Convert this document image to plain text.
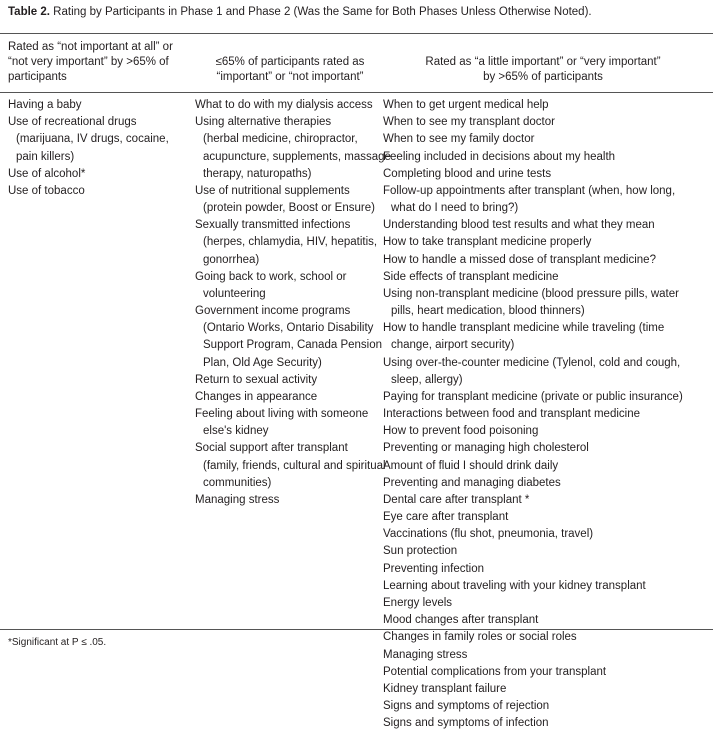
Table 2. Rating by Participants in Phase 1 and Phase 2 (Was the Same for Both Phases Unless Otherwise Noted).
Rated as “not important at all” or
“not very important” by >65% of
participants
≤65% of participants rated as
“important” or “not important”
Rated as “a little important” or “very important”
by >65% of participants
Having a baby
Use of recreational drugs
(marijuana, IV drugs, cocaine,
pain killers)
Use of alcohol*
Use of tobacco
What to do with my dialysis access
Using alternative therapies
(herbal medicine, chiropractor,
acupuncture, supplements, massage
therapy, naturopaths)
Use of nutritional supplements
(protein powder, Boost or Ensure)
Sexually transmitted infections
(herpes, chlamydia, HIV, hepatitis,
gonorrhea)
Going back to work, school or
volunteering
Government income programs
(Ontario Works, Ontario Disability
Support Program, Canada Pension
Plan, Old Age Security)
Return to sexual activity
Changes in appearance
Feeling about living with someone
else's kidney
Social support after transplant
(family, friends, cultural and spiritual
communities)
Managing stress
When to get urgent medical help
When to see my transplant doctor
When to see my family doctor
Feeling included in decisions about my health
Completing blood and urine tests
Follow-up appointments after transplant (when, how long,
what do I need to bring?)
Understanding blood test results and what they mean
How to take transplant medicine properly
How to handle a missed dose of transplant medicine?
Side effects of transplant medicine
Using non-transplant medicine (blood pressure pills, water
pills, heart medication, blood thinners)
How to handle transplant medicine while traveling (time
change, airport security)
Using over-the-counter medicine (Tylenol, cold and cough,
sleep, allergy)
Paying for transplant medicine (private or public insurance)
Interactions between food and transplant medicine
How to prevent food poisoning
Preventing or managing high cholesterol
Amount of fluid I should drink daily
Preventing and managing diabetes
Dental care after transplant *
Eye care after transplant
Vaccinations (flu shot, pneumonia, travel)
Sun protection
Preventing infection
Learning about traveling with your kidney transplant
Energy levels
Mood changes after transplant
Changes in family roles or social roles
Managing stress
Potential complications from your transplant
Kidney transplant failure
Signs and symptoms of rejection
Signs and symptoms of infection
*Significant at P ≤ .05.
